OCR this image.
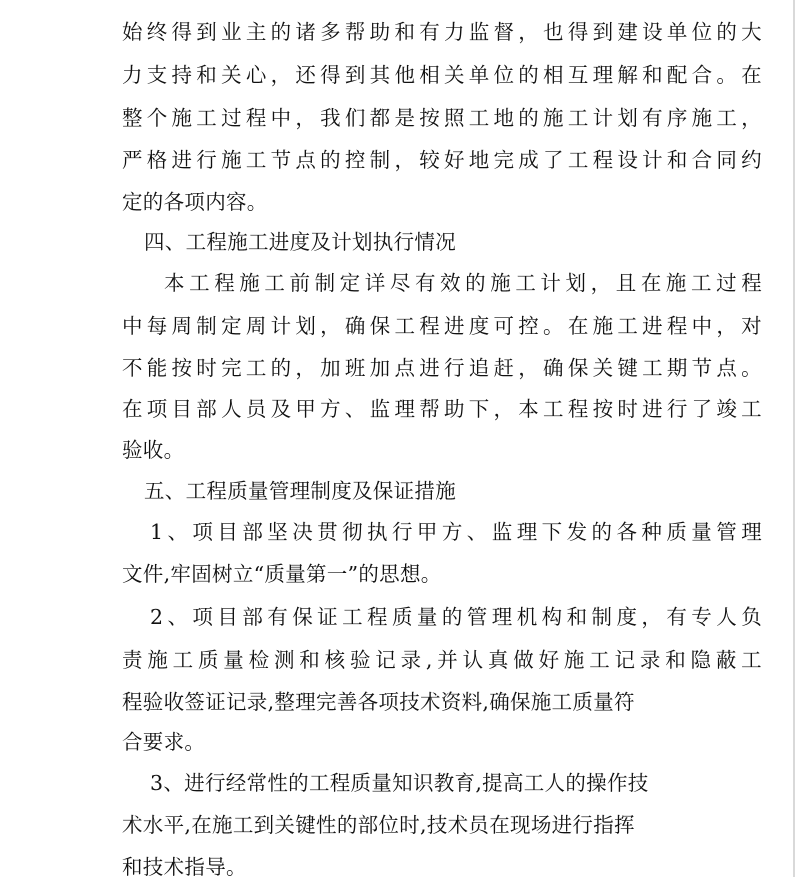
始终得到业主的诸多帮助和有力监督，也得到建设单位的大
力支持和关心，还得到其他相关单位的相互理解和配合。在
整个施工过程中，我们都是按照工地的施工计划有序施工，
严格进行施工节点的控制，较好地完成了工程设计和合同约
定的各项内容。
四、工程施工进度及计划执行情况
本工程施工前制定详尽有效的施工计划，且在施工过程
中每周制定周计划，确保工程进度可控。在施工进程中，对
不能按时完工的，加班加点进行追赶，确保关键工期节点。
在项目部人员及甲方、监理帮助下，本工程按时进行了竣工
验收。
五、工程质量管理制度及保证措施
1、项目部坚决贯彻执行甲方、监理下发的各种质量管理
文件,牢固树立“质量第一”的思想。
2、项目部有保证工程质量的管理机构和制度，有专人负
责施工质量检测和核验记录,并认真做好施工记录和隐蔽工
程验收签证记录,整理完善各项技术资料,确保施工质量符
合要求。
3、进行经常性的工程质量知识教育,提高工人的操作技
术水平,在施工到关键性的部位时,技术员在现场进行指挥
和技术指导。
